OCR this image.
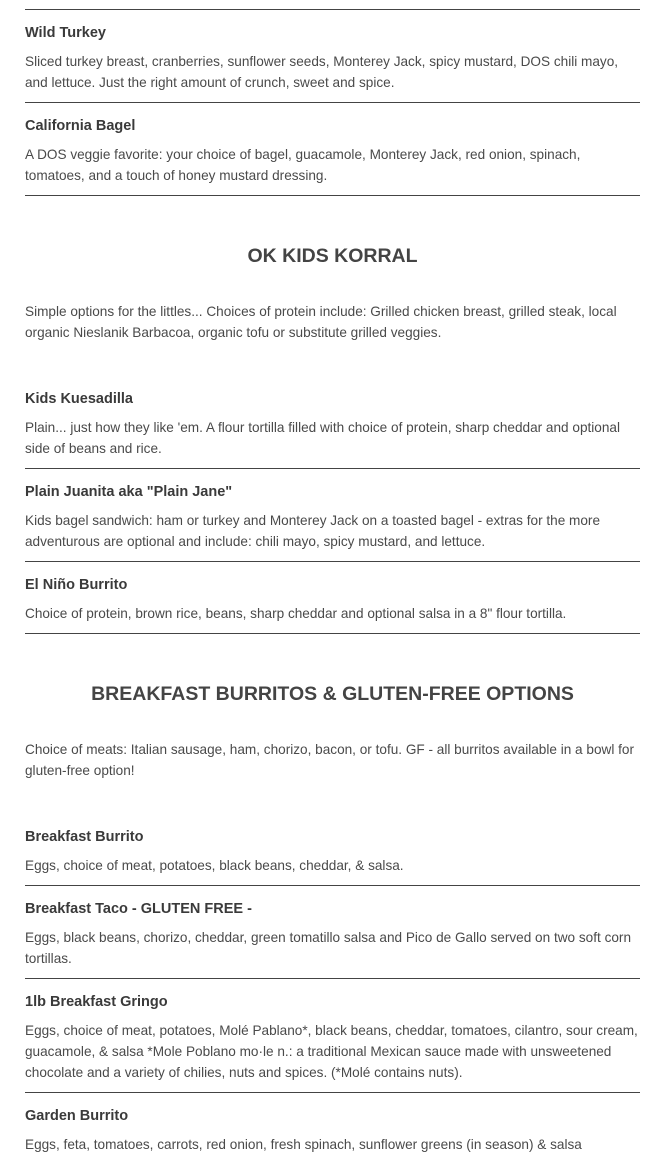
Wild Turkey

Sliced turkey breast, cranberries, sunflower seeds, Monterey Jack, spicy mustard, DOS chili mayo, and lettuce. Just the right amount of crunch, sweet and spice.

California Bagel

A DOS veggie favorite: your choice of bagel, guacamole, Monterey Jack, red onion, spinach, tomatoes, and a touch of honey mustard dressing.

OK KIDS KORRAL

Simple options for the littles... Choices of protein include: Grilled chicken breast, grilled steak, local organic Nieslanik Barbacoa, organic tofu or substitute grilled veggies.

Kids Kuesadilla

Plain... just how they like 'em. A flour tortilla filled with choice of protein, sharp cheddar and optional side of beans and rice.

Plain Juanita aka "Plain Jane"

Kids bagel sandwich: ham or turkey and Monterey Jack on a toasted bagel - extras for the more adventurous are optional and include: chili mayo, spicy mustard, and lettuce.

El Niño Burrito

Choice of protein, brown rice, beans, sharp cheddar and optional salsa in a 8" flour tortilla.

BREAKFAST BURRITOS & GLUTEN-FREE OPTIONS

Choice of meats: Italian sausage, ham, chorizo, bacon, or tofu. GF - all burritos available in a bowl for gluten-free option!

Breakfast Burrito

Eggs, choice of meat, potatoes, black beans, cheddar, & salsa.

Breakfast Taco - GLUTEN FREE -

Eggs, black beans, chorizo, cheddar, green tomatillo salsa and Pico de Gallo served on two soft corn tortillas.

1lb Breakfast Gringo

Eggs, choice of meat, potatoes, Molé Pablano*, black beans, cheddar, tomatoes, cilantro, sour cream, guacamole, & salsa *Mole Poblano mo·le n.: a traditional Mexican sauce made with unsweetened chocolate and a variety of chilies, nuts and spices. (*Molé contains nuts).

Garden Burrito

Eggs, feta, tomatoes, carrots, red onion, fresh spinach, sunflower greens (in season) & salsa
